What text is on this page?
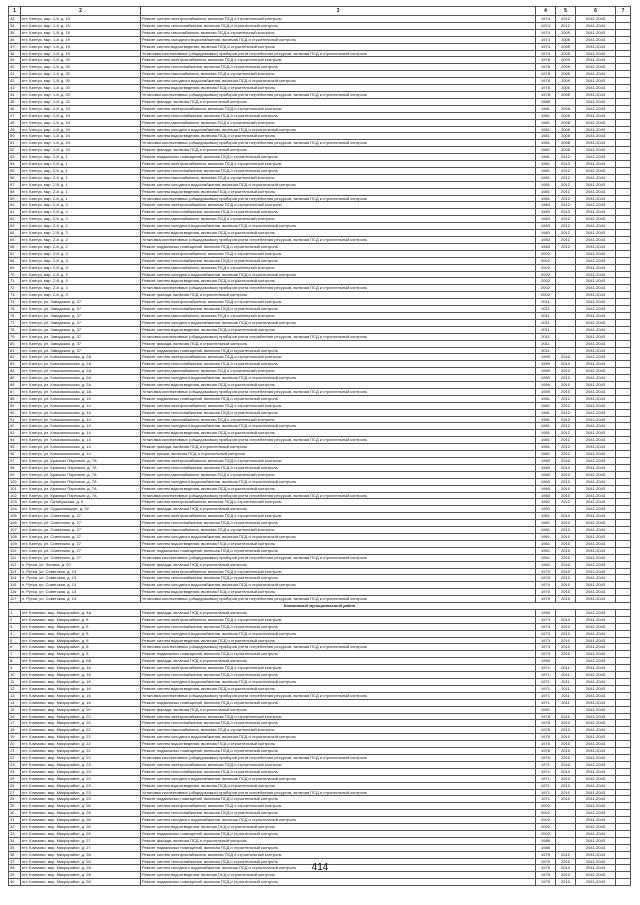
1	2	3	4	5	6	7
33	пгт. Кантуз, мкр. 1-й, д. 19	Ремонт систем электроснабжения, включая ПСД и строительный контроль	1974	2012	2041-2043	
34	пгт. Кантуз, мкр. 1-й, д. 19	Ремонт систем теплоснабжения, включая ПСД и строительный контроль	1974	2012	2041-2043	
35	пгт. Кантуз, мкр. 1-й, д. 19	Ремонт систем газоснабжения, включая ПСД и строительный контроль	1974	2009	2041-2043	
36	пгт. Кантуз, мкр. 1-й, д. 19	Ремонт систем холодного водоснабжения, включая ПСД и строительный контроль	1974	2008	2041-2043	
37	пгт. Кантуз, мкр. 1-й, д. 19	Ремонт систем водоотведения, включая ПСД и строительный контроль	1974	2005	2041-2043	
38	пгт. Кантуз, мкр. 1-й, д. 19	Установка коллективных (общедомовых) приборов учета потребления ресурсов, включая ПСД и строительный контроль	1974	2005	2041-2043	
39	пгт. Кантуз, мкр. 1-й, д. 20	Ремонт систем электроснабжения, включая ПСД и строительный контроль	1978	2009	2041-2043	
40	пгт. Кантуз, мкр. 1-й, д. 20	Ремонт систем теплоснабжения, включая ПСД и строительный контроль	1978	2009	2041-2043	
41	пгт. Кантуз, мкр. 1-й, д. 20	Ремонт систем газоснабжения, включая ПСД и строительный контроль	1978	2009	2041-2043	
42	пгт. Кантуз, мкр. 1-й, д. 20	Ремонт систем холодного водоснабжения, включая ПСД и строительный контроль	1978	2009	2041-2043	
43	пгт. Кантуз, мкр. 1-й, д. 20	Ремонт систем водоотведения, включая ПСД и строительный контроль	1978	2005	2041-2043	
44	пгт. Кантуз, мкр. 1-й, д. 20	Установка коллективных (общедомовых) приборов учета потребления ресурсов, включая ПСД и строительный контроль	1978	2005	2041-2043	
45	пгт. Кантуз, мкр. 1-й, д. 22	Ремонт фасада, включая ПСД и строительный контроль	1988		2041-2043	
46	пгт. Кантуз, мкр. 1-й, д. 24	Ремонт систем электроснабжения, включая ПСД и строительный контроль	1981	2008	2041-2043	
47	пгт. Кантуз, мкр. 1-й, д. 24	Ремонт систем теплоснабжения, включая ПСД и строительный контроль	1981	2008	2041-2043	
48	пгт. Кантуз, мкр. 1-й, д. 24	Ремонт систем газоснабжения, включая ПСД и строительный контроль	1981	2008	2041-2043	
49	пгт. Кантуз, мкр. 1-й, д. 24	Ремонт систем холодного водоснабжения, включая ПСД и строительный контроль	1981	2008	2041-2043	
50	пгт. Кантуз, мкр. 1-й, д. 24	Ремонт систем водоотведения, включая ПСД и строительный контроль	1981	2008	2041-2043	
51	пгт. Кантуз, мкр. 1-й, д. 24	Установка коллективных (общедомовых) приборов учета потребления ресурсов, включая ПСД и строительный контроль	1981	2008	2041-2043	
52	пгт. Кантуз, мкр. 1-й, д. 24	Ремонт фасада, включая ПСД и строительный контроль	1981	2008	2041-2043	
53	пгт. Кантуз, мкр. 2-й, д. 1	Ремонт подвальных помещений, включая ПСД и строительный контроль	1981	2012	2041-2043	
54	пгт. Кантуз, мкр. 2-й, д. 1	Ремонт систем электроснабжения, включая ПСД и строительный контроль	1981	2012	2041-2043	
55	пгт. Кантуз, мкр. 2-й, д. 1	Ремонт систем теплоснабжения, включая ПСД и строительный контроль	1981	2012	2041-2043	
56	пгт. Кантуз, мкр. 2-й, д. 1	Ремонт систем газоснабжения, включая ПСД и строительный контроль	1981	2012	2041-2043	
57	пгт. Кантуз, мкр. 2-й, д. 1	Ремонт систем холодного водоснабжения, включая ПСД и строительный контроль	1981	2012	2041-2043	
58	пгт. Кантуз, мкр. 2-й, д. 1	Ремонт систем водоотведения, включая ПСД и строительный контроль	1981	2012	2041-2043	
59	пгт. Кантуз, мкр. 2-й, д. 1	Установка коллективных (общедомовых) приборов учета потребления ресурсов, включая ПСД и строительный контроль	1981	2012	2041-2043	
60	пгт. Кантуз, мкр. 2-й, д. 2	Ремонт систем электроснабжения, включая ПСД и строительный контроль	1983	2012	2041-2043	
61	пгт. Кантуз, мкр. 2-й, д. 2	Ремонт систем теплоснабжения, включая ПСД и строительный контроль	1983	2012	2041-2043	
62	пгт. Кантуз, мкр. 2-й, д. 2	Ремонт систем газоснабжения, включая ПСД и строительный контроль	1983	2012	2041-2043	
63	пгт. Кантуз, мкр. 2-й, д. 2	Ремонт систем холодного водоснабжения, включая ПСД и строительный контроль	1983	2012	2041-2043	
64	пгт. Кантуз, мкр. 2-й, д. 2	Ремонт систем водоотведения, включая ПСД и строительный контроль	1983	2012	2041-2043	
65	пгт. Кантуз, мкр. 2-й, д. 2	Установка коллективных (общедомовых) приборов учета потребления ресурсов, включая ПСД и строительный контроль	1983	2012	2041-2043	
66	пгт. Кантуз, мкр. 2-й, д. 2	Ремонт подвальных помещений, включая ПСД и строительный контроль	1983	2012	2041-2043	
67	пгт. Кантуз, мкр. 2-й, д. 3	Ремонт систем электроснабжения, включая ПСД и строительный контроль	2002		2041-2043	
68	пгт. Кантуз, мкр. 2-й, д. 3	Ремонт систем теплоснабжения, включая ПСД и строительный контроль	2002		2041-2043	
69	пгт. Кантуз, мкр. 2-й, д. 3	Ремонт систем газоснабжения, включая ПСД и строительный контроль	2002		2041-2043	
70	пгт. Кантуз, мкр. 2-й, д. 3	Ремонт систем холодного водоснабжения, включая ПСД и строительный контроль	2002		2041-2043	
71	пгт. Кантуз, мкр. 2-й, д. 3	Ремонт систем водоотведения, включая ПСД и строительный контроль	2002		2041-2043	
72	пгт. Кантуз, мкр. 2-й, д. 3	Установка коллективных (общедомовых) приборов учета потребления ресурсов, включая ПСД и строительный контроль	2002		2041-2043	
73	пгт. Кантуз, мкр. 2-й, д. 3	Ремонт фасада, включая ПСД и строительный контроль	2002		2041-2043	
74	пгт. Кантуз, ул. Заводская, д. 37	Ремонт систем электроснабжения, включая ПСД и строительный контроль	2011		2041-2043	
75	пгт. Кантуз, ул. Заводская, д. 37	Ремонт систем теплоснабжения, включая ПСД и строительный контроль	2011		2041-2043	
76	пгт. Кантуз, ул. Заводская, д. 37	Ремонт систем газоснабжения, включая ПСД и строительный контроль	2011		2041-2043	
77	пгт. Кантуз, ул. Заводская, д. 37	Ремонт систем холодного водоснабжения, включая ПСД и строительный контроль	2011		2041-2043	
78	пгт. Кантуз, ул. Заводская, д. 37	Ремонт систем водоотведения, включая ПСД и строительный контроль	2011		2041-2043	
79	пгт. Кантуз, ул. Заводская, д. 37	Установка коллективных (общедомовых) приборов учета потребления ресурсов, включая ПСД и строительный контроль	2011		2041-2043	
80	пгт. Кантуз, ул. Заводская, д. 37	Ремонт фасада, включая ПСД и строительный контроль	2011		2041-2043	
81	пгт. Кантуз, ул. Заводская, д. 37	Ремонт подвальных помещений, включая ПСД и строительный контроль	2011		2041-2043	
82	пгт. Кантуз, ул. Комсомольская, д. 2А	Ремонт систем электроснабжения, включая ПСД и строительный контроль	1959	2010	2041-2043	
83	пгт. Кантуз, ул. Комсомольская, д. 2А	Ремонт систем теплоснабжения, включая ПСД и строительный контроль	1959	2010	2041-2043	
84	пгт. Кантуз, ул. Комсомольская, д. 2А	Ремонт систем газоснабжения, включая ПСД и строительный контроль	1959	2010	2041-2043	
85	пгт. Кантуз, ул. Комсомольская, д. 2А	Ремонт систем холодного водоснабжения, включая ПСД и строительный контроль	1959	2010	2041-2043	
86	пгт. Кантуз, ул. Комсомольская, д. 2А	Ремонт систем водоотведения, включая ПСД и строительный контроль	1959	2010	2041-2043	
87	пгт. Кантуз, ул. Комсомольская, д. 2А	Установка коллективных (общедомовых) приборов учета потребления ресурсов, включая ПСД и строительный контроль	1959	2010	2041-2043	
88	пгт. Кантуз, ул. Комсомольская, д. 14	Ремонт подвальных помещений, включая ПСД и строительный контроль	1981	2012	2041-2043	
89	пгт. Кантуз, ул. Комсомольская, д. 14	Ремонт систем электроснабжения, включая ПСД и строительный контроль	1981	2012	2041-2043	
90	пгт. Кантуз, ул. Комсомольская, д. 14	Ремонт систем теплоснабжения, включая ПСД и строительный контроль	1981	2012	2041-2043	
91	пгт. Кантуз, ул. Комсомольская, д. 14	Ремонт систем газоснабжения, включая ПСД и строительный контроль	1981	2012	2041-2043	
92	пгт. Кантуз, ул. Комсомольская, д. 14	Ремонт систем холодного водоснабжения, включая ПСД и строительный контроль	1981	2012	2041-2043	
93	пгт. Кантуз, ул. Комсомольская, д. 14	Ремонт систем водоотведения, включая ПСД и строительный контроль	1981	2012	2041-2043	
94	пгт. Кантуз, ул. Комсомольская, д. 14	Установка коллективных (общедомовых) приборов учета потребления ресурсов, включая ПСД и строительный контроль	1981	2012	2041-2043	
95	пгт. Кантуз, ул. Комсомольская, д. 14	Ремонт фасада, включая ПСД и строительный контроль	1981	2012	2041-2043	
96	пгт. Кантуз, ул. Комсомольская, д. 14	Ремонт крыши, включая ПСД и строительный контроль	1981	2012	2041-2043	
97	пгт. Кантуз, ул. Красных Партизан, д. 7А	Ремонт систем электроснабжения, включая ПСД и строительный контроль	1960	2010	2041-2043	
98	пгт. Кантуз, ул. Красных Партизан, д. 7А	Ремонт систем теплоснабжения, включая ПСД и строительный контроль	1960	2010	2041-2043	
99	пгт. Кантуз, ул. Красных Партизан, д. 7А	Ремонт систем газоснабжения, включая ПСД и строительный контроль	1960	2010	2041-2043	
100	пгт. Кантуз, ул. Красных Партизан, д. 7А	Ремонт систем холодного водоснабжения, включая ПСД и строительный контроль	1960	2010	2041-2043	
101	пгт. Кантуз, ул. Красных Партизан, д. 7А	Ремонт систем водоотведения, включая ПСД и строительный контроль	1960	2010	2041-2043	
102	пгт. Кантуз, ул. Красных Партизан, д. 7А	Установка коллективных (общедомовых) приборов учета потребления ресурсов, включая ПСД и строительный контроль	1960	2010	2041-2043	
103	пгт. Кантуз, ул. Октябрьская, д. 9	Ремонт систем электроснабжения, включая ПСД и строительный контроль	1962	2012	2041-2043	
104	пгт. Кантуз, ул. Орджоникидзе, д. 92	Ремонт фасада, включая ПСД и строительный контроль	1993		2041-2043	
105	пгт. Кантуз, ул. Советская, д. 27	Ремонт систем электроснабжения, включая ПСД и строительный контроль	1961	2010	2041-2043	
106	пгт. Кантуз, ул. Советская, д. 27	Ремонт систем теплоснабжения, включая ПСД и строительный контроль	1961	2010	2041-2043	
107	пгт. Кантуз, ул. Советская, д. 27	Ремонт систем газоснабжения, включая ПСД и строительный контроль	1961	2010	2041-2043	
108	пгт. Кантуз, ул. Советская, д. 27	Ремонт систем холодного водоснабжения, включая ПСД и строительный контроль	1961	2010	2041-2043	
109	пгт. Кантуз, ул. Советская, д. 27	Ремонт систем водоотведения, включая ПСД и строительный контроль	1961	2010	2041-2043	
110	пгт. Кантуз, ул. Советская, д. 27	Ремонт подвальных помещений, включая ПСД и строительный контроль	1961	2010	2041-2043	
111	пгт. Кантуз, ул. Советская, д. 27	Установка коллективных (общедомовых) приборов учета потребления ресурсов, включая ПСД и строительный контроль	1961	2010	2041-2043	
112	п. Рутка, ул. Ленина, д. 20	Ремонт фасада, включая ПСД и строительный контроль	1962	2010	2041-2043	
113	п. Рутка, ул. Советская, д. 13	Ремонт систем электроснабжения, включая ПСД и строительный контроль	1970	2010	2041-2043	
114	п. Рутка, ул. Советская, д. 13	Ремонт систем теплоснабжения, включая ПСД и строительный контроль	1970	2010	2041-2043	
115	п. Рутка, ул. Советская, д. 13	Ремонт систем холодного водоснабжения, включая ПСД и строительный контроль	1970	2010	2041-2043	
116	п. Рутка, ул. Советская, д. 13	Ремонт систем водоотведения, включая ПСД и строительный контроль	1970	2010	2041-2043	
117	п. Рутка, ул. Советская, д. 13	Установка коллективных (общедомовых) приборов учета потребления ресурсов, включая ПСД и строительный контроль	1970	2010	2041-2043	
Климовский муниципальный район						
1	пгт. Климово, мкр. Микрорайон, д. 4А	Ремонт фасада, включая ПСД и строительный контроль	1994		2041-2043	
2	пгт. Климово, мкр. Микрорайон, д. 8	Ремонт систем электроснабжения, включая ПСД и строительный контроль	1973	2010	2041-2043	
3	пгт. Климово, мкр. Микрорайон, д. 8	Ремонт систем теплоснабжения, включая ПСД и строительный контроль	1973	2010	2041-2043	
4	пгт. Климово, мкр. Микрорайон, д. 8	Ремонт систем холодного водоснабжения, включая ПСД и строительный контроль	1973	2010	2041-2043	
5	пгт. Климово, мкр. Микрорайон, д. 8	Ремонт систем водоотведения, включая ПСД и строительный контроль	1973	2010	2041-2043	
6	пгт. Климово, мкр. Микрорайон, д. 8	Установка коллективных (общедомовых) приборов учета потребления ресурсов, включая ПСД и строительный контроль	1973	2010	2041-2043	
7	пгт. Климово, мкр. Микрорайон, д. 8	Ремонт подвальных помещений, включая ПСД и строительный контроль	1973	2010	2041-2043	
8	пгт. Климово, мкр. Микрорайон, д. 9А	Ремонт фасада, включая ПСД и строительный контроль	1994		2041-2043	
9	пгт. Климово, мкр. Микрорайон, д. 16	Ремонт систем электроснабжения, включая ПСД и строительный контроль	1971	2011	2041-2043	
10	пгт. Климово, мкр. Микрорайон, д. 16	Ремонт систем теплоснабжения, включая ПСД и строительный контроль	1971	2011	2041-2043	
11	пгт. Климово, мкр. Микрорайон, д. 16	Ремонт систем холодного водоснабжения, включая ПСД и строительный контроль	1971	2011	2041-2043	
12	пгт. Климово, мкр. Микрорайон, д. 16	Ремонт систем водоотведения, включая ПСД и строительный контроль	1971	2011	2041-2043	
13	пгт. Климово, мкр. Микрорайон, д. 16	Установка коллективных (общедомовых) приборов учета потребления ресурсов, включая ПСД и строительный контроль	1971	2011	2041-2043	
14	пгт. Климово, мкр. Микрорайон, д. 16	Ремонт подвальных помещений, включая ПСД и строительный контроль	1971	2011	2041-2043	
15	пгт. Климово, мкр. Микрорайон, д. 20	Ремонт фасада, включая ПСД и строительный контроль	1991		2041-2043	
16	пгт. Климово, мкр. Микрорайон, д. 22	Ремонт систем электроснабжения, включая ПСД и строительный контроль	1976	2010	2041-2043	
17	пгт. Климово, мкр. Микрорайон, д. 22	Ремонт систем теплоснабжения, включая ПСД и строительный контроль	1976	2010	2041-2043	
18	пгт. Климово, мкр. Микрорайон, д. 22	Ремонт систем газоснабжения, включая ПСД и строительный контроль	1976	2010	2041-2043	
19	пгт. Климово, мкр. Микрорайон, д. 22	Ремонт систем холодного водоснабжения, включая ПСД и строительный контроль	1976	2010	2041-2043	
20	пгт. Климово, мкр. Микрорайон, д. 22	Ремонт систем водоотведения, включая ПСД и строительный контроль	1976	2010	2041-2043	
21	пгт. Климово, мкр. Микрорайон, д. 22	Ремонт подвальных помещений, включая ПСД и строительный контроль	1976	2010	2041-2043	
22	пгт. Климово, мкр. Микрорайон, д. 22	Установка коллективных (общедомовых) приборов учета потребления ресурсов, включая ПСД и строительный контроль	1976	2010	2041-2043	
23	пгт. Климово, мкр. Микрорайон, д. 23	Ремонт систем электроснабжения, включая ПСД и строительный контроль	1971	2010	2041-2043	
24	пгт. Климово, мкр. Микрорайон, д. 23	Ремонт систем теплоснабжения, включая ПСД и строительный контроль	1971	2010	2041-2043	
25	пгт. Климово, мкр. Микрорайон, д. 23	Ремонт систем холодного водоснабжения, включая ПСД и строительный контроль	1971	2010	2041-2043	
26	пгт. Климово, мкр. Микрорайон, д. 23	Ремонт систем водоотведения, включая ПСД и строительный контроль	1971	2010	2041-2043	
27	пгт. Климово, мкр. Микрорайон, д. 23	Установка коллективных (общедомовых) приборов учета потребления ресурсов, включая ПСД и строительный контроль	1971	2010	2041-2043	
28	пгт. Климово, мкр. Микрорайон, д. 23	Ремонт подвальных помещений, включая ПСД и строительный контроль	1971	2010	2041-2043	
29	пгт. Климово, мкр. Микрорайон, д. 26	Ремонт систем электроснабжения, включая ПСД и строительный контроль	2002		2041-2043	
30	пгт. Климово, мкр. Микрорайон, д. 26	Ремонт систем теплоснабжения, включая ПСД и строительный контроль	2002		2041-2043	
31	пгт. Климово, мкр. Микрорайон, д. 26	Ремонт систем холодного водоснабжения, включая ПСД и строительный контроль	2002		2041-2043	
32	пгт. Климово, мкр. Микрорайон, д. 26	Ремонт систем водоотведения, включая ПСД и строительный контроль	2002		2041-2043	
33	пгт. Климово, мкр. Микрорайон, д. 26	Ремонт подвальных помещений, включая ПСД и строительный контроль	2002		2041-2043	
34	пгт. Климово, мкр. Микрорайон, д. 27	Ремонт фасада, включая ПСД и строительный контроль	1986		2041-2043	
35	пгт. Климово, мкр. Микрорайон, д. 27	Ремонт подвальных помещений, включая ПСД и строительный контроль	1986		2041-2043	
36	пгт. Климово, мкр. Микрорайон, д. 28	Ремонт систем электроснабжения, включая ПСД и строительный контроль	1975	2010	2041-2043	
37	пгт. Климово, мкр. Микрорайон, д. 28	Ремонт систем теплоснабжения, включая ПСД и строительный контроль	1975	2010	2041-2043	
38	пгт. Климово, мкр. Микрорайон, д. 28	Ремонт систем холодного водоснабжения, включая ПСД и строительный контроль	1975	2010	2041-2043	
39	пгт. Климово, мкр. Микрорайон, д. 28	Ремонт систем водоотведения, включая ПСД и строительный контроль	1975	2010	2041-2043	
40	пгт. Климово, мкр. Микрорайон, д. 28	Ремонт подвальных помещений, включая ПСД и строительный контроль	1975	2010	2041-2043	
414
